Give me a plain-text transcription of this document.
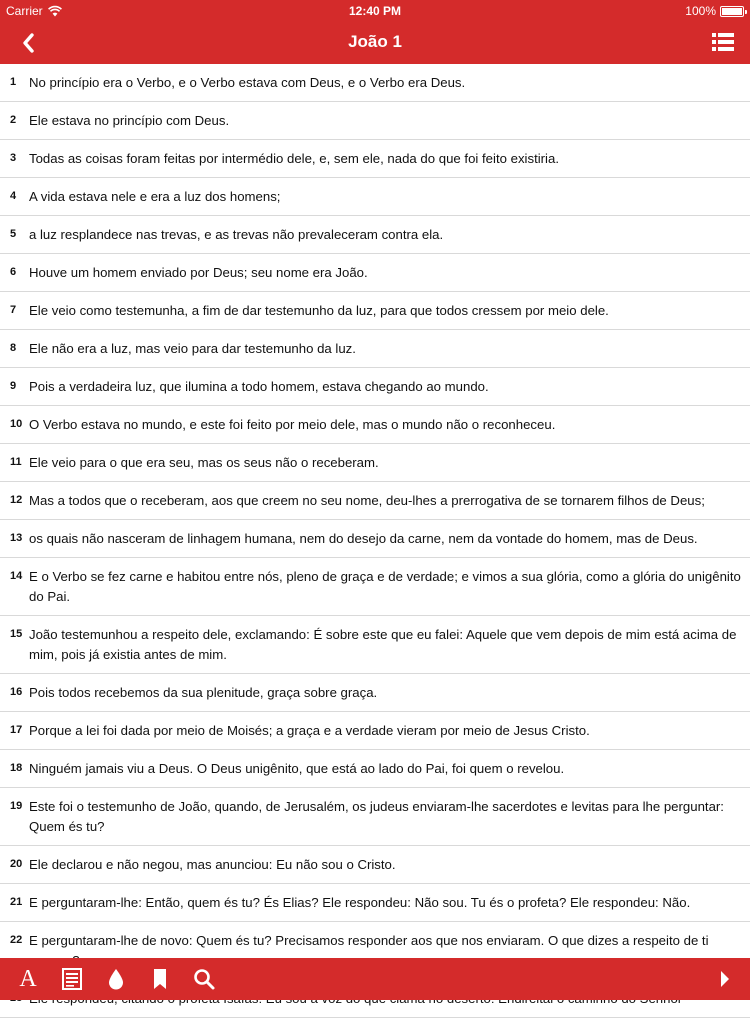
Carrier	12:40 PM	100%
João 1
1 No princípio era o Verbo, e o Verbo estava com Deus, e o Verbo era Deus.
2 Ele estava no princípio com Deus.
3 Todas as coisas foram feitas por intermédio dele, e, sem ele, nada do que foi feito existiria.
4 A vida estava nele e era a luz dos homens;
5 a luz resplandece nas trevas, e as trevas não prevaleceram contra ela.
6 Houve um homem enviado por Deus; seu nome era João.
7 Ele veio como testemunha, a fim de dar testemunho da luz, para que todos cressem por meio dele.
8 Ele não era a luz, mas veio para dar testemunho da luz.
9 Pois a verdadeira luz, que ilumina a todo homem, estava chegando ao mundo.
10 O Verbo estava no mundo, e este foi feito por meio dele, mas o mundo não o reconheceu.
11 Ele veio para o que era seu, mas os seus não o receberam.
12 Mas a todos que o receberam, aos que creem no seu nome, deu-lhes a prerrogativa de se tornarem filhos de Deus;
13 os quais não nasceram de linhagem humana, nem do desejo da carne, nem da vontade do homem, mas de Deus.
14 E o Verbo se fez carne e habitou entre nós, pleno de graça e de verdade; e vimos a sua glória, como a glória do unigênito do Pai.
15 João testemunhou a respeito dele, exclamando: É sobre este que eu falei: Aquele que vem depois de mim está acima de mim, pois já existia antes de mim.
16 Pois todos recebemos da sua plenitude, graça sobre graça.
17 Porque a lei foi dada por meio de Moisés; a graça e a verdade vieram por meio de Jesus Cristo.
18 Ninguém jamais viu a Deus. O Deus unigênito, que está ao lado do Pai, foi quem o revelou.
19 Este foi o testemunho de João, quando, de Jerusalém, os judeus enviaram-lhe sacerdotes e levitas para lhe perguntar: Quem és tu?
20 Ele declarou e não negou, mas anunciou: Eu não sou o Cristo.
21 E perguntaram-lhe: Então, quem és tu? És Elias? Ele respondeu: Não sou. Tu és o profeta? Ele respondeu: Não.
22 E perguntaram-lhe de novo: Quem és tu? Precisamos responder aos que nos enviaram. O que dizes a respeito de ti
A
